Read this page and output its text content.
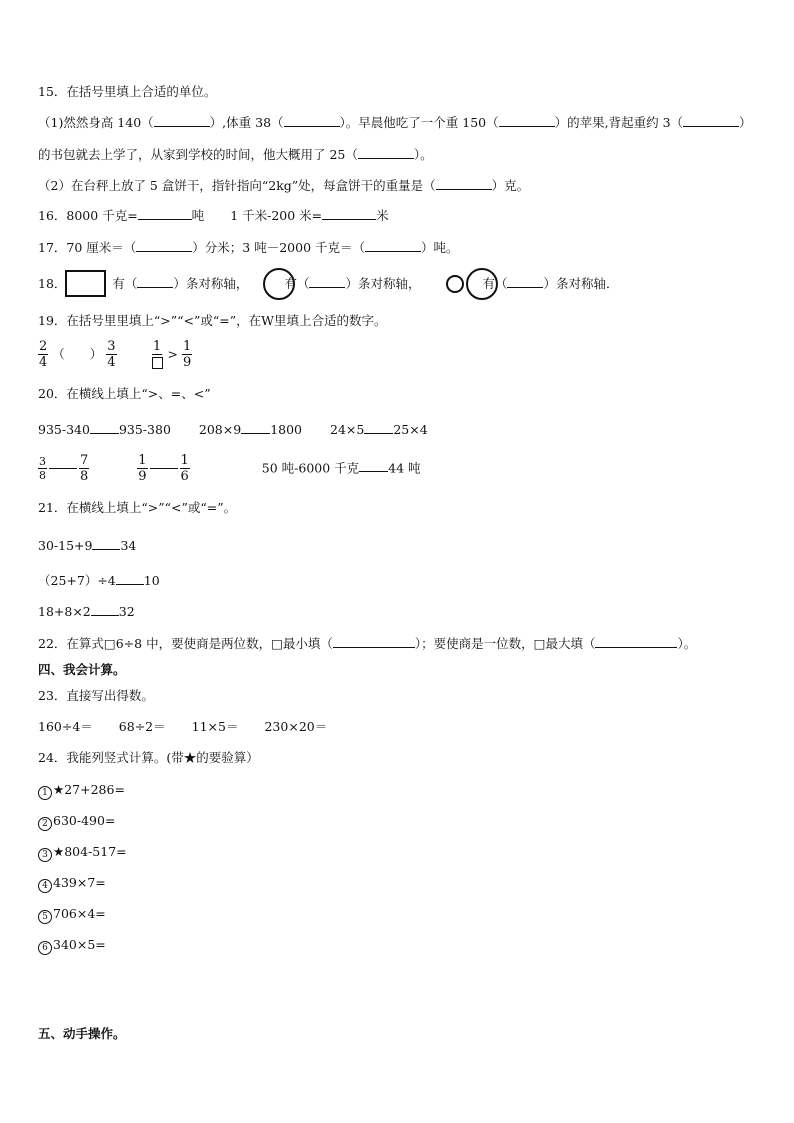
15．在括号里填上合适的单位。
（1)然然身高 140（	）,体重 38（	）。早晨他吃了一个重 150（	）的苹果,背起重约 3（	）
的书包就去上学了，从家到学校的时间，他大概用了 25（	）。
（2）在台秤上放了 5 盒饼干，指针指向“2kg”处，每盒饼干的重量是（	）克。
16．8000 千克=	吨 1 千米-200 米=	米
17．70 厘米＝（	）分米；3 吨－2000 千克＝（	）吨。
18．	有（	）条对称轴，	有（	）条对称轴，	有（	）条对称轴．
19．在括号里里填上“>”“<”或“=”，在W里填上合适的数字。
$\frac{2}{4}$ （　　） $\frac{3}{4}$
	$1 > \frac{1}{9}$
20．在横线上填上“>、=、<”
935-340 935-380 208×9 1800 24×5 25×4
$\frac{3}{8} \frac{7}{8}$
	$\frac{1}{9} \frac{1}{6}$	50 吨-6000 千克 44 吨
21．在横线上填上“>”“<”或“=”。
30-15+9 34
（25+7）÷4 10
18+8×2 32
22．在算式□6÷8 中，要使商是两位数，□最小填（	）；要使商是一位数，□最大填（	）。
四、我会计算。
23．直接写出得数。
160÷4＝ 68÷2＝ 11×5＝ 230×20＝
24．我能列竖式计算。(带★的要验算）
1 ★27+286=
2 630-490=
3 ★804-517=
4 439×7=
5 706×4=
6 340×5=
五、动手操作。
